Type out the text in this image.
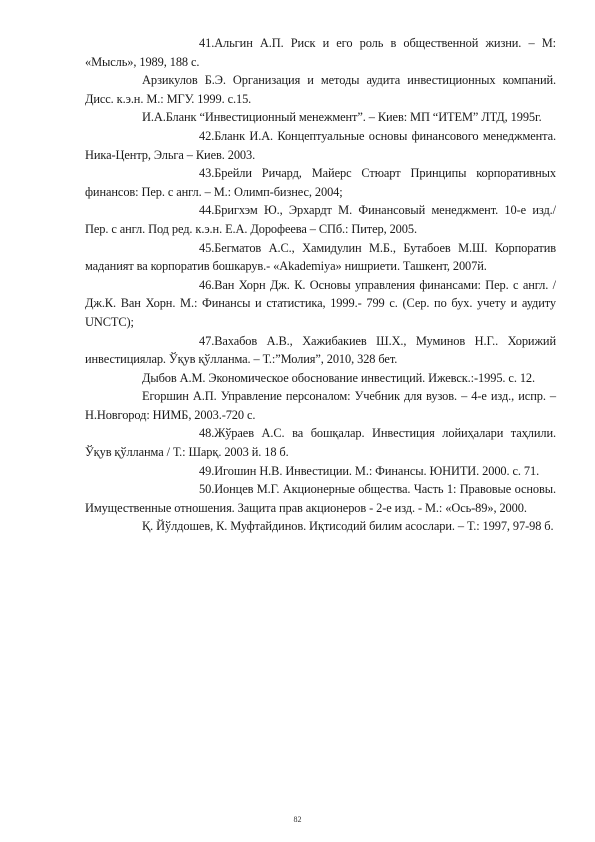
41.Альгин А.П. Риск и его роль в общественной жизни. – М: «Мысль», 1989, 188 с.

Арзикулов Б.Э. Организация и методы аудита инвестиционных компаний. Дисс. к.э.н. М.: МГУ. 1999. с.15.

И.А.Бланк “Инвестиционный менежмент”. – Киев: МП “ИТЕМ” ЛТД, 1995г.

42.Бланк И.А. Концептуальные основы финансового менеджмента. Ника-Центр, Эльга – Киев. 2003.

43.Брейли Ричард, Майерс Стюарт Принципы корпоративных финансов: Пер. с англ. – М.: Олимп-бизнес, 2004;

44.Бригхэм Ю., Эрхардт М. Финансовый менеджмент. 10-е изд./ Пер. с англ. Под ред. к.э.н. Е.А. Дорофеева – СПб.: Питер, 2005.

45.Бегматов А.С., Хамидулин М.Б., Бутабоев М.Ш. Корпоратив маданият ва корпоратив бошкарув.- «Akademiya» нишриети. Ташкент, 2007й.

46.Ван Хорн Дж. К. Основы управления финансами: Пер. с англ. / Дж.К. Ван Хорн. М.: Финансы и статистика, 1999.- 799 с. (Сер. по бух. учету и аудиту UNCTC);

47.Вахабов А.В., Хажибакиев Ш.Х., Муминов Н.Г.. Хорижий инвестициялар. Ўқув қўлланма. – Т.:”Молия”, 2010, 328 бет.

Дыбов А.М. Экономическое обоснование инвестиций. Ижевск.:-1995. с. 12.

Егоршин А.П. Управление персоналом: Учебник для вузов. – 4-е изд., испр. – Н.Новгород: НИМБ, 2003.-720 с.

48.Жўраев А.С. ва бошқалар. Инвестиция лойиҳалари таҳлили. Ўқув қўлланма / Т.: Шарқ. 2003 й. 18 б.

49.Игошин Н.В. Инвестиции. М.: Финансы. ЮНИТИ. 2000. с. 71.

50.Ионцев М.Г. Акционерные общества. Часть 1: Правовые основы. Имущественные отношения. Защита прав акционеров - 2-е изд. - М.: «Ось-89», 2000.

Қ. Йўлдошев, К. Муфтайдинов. Иқтисодий билим асослари. – Т.: 1997, 97-98 б.

82
